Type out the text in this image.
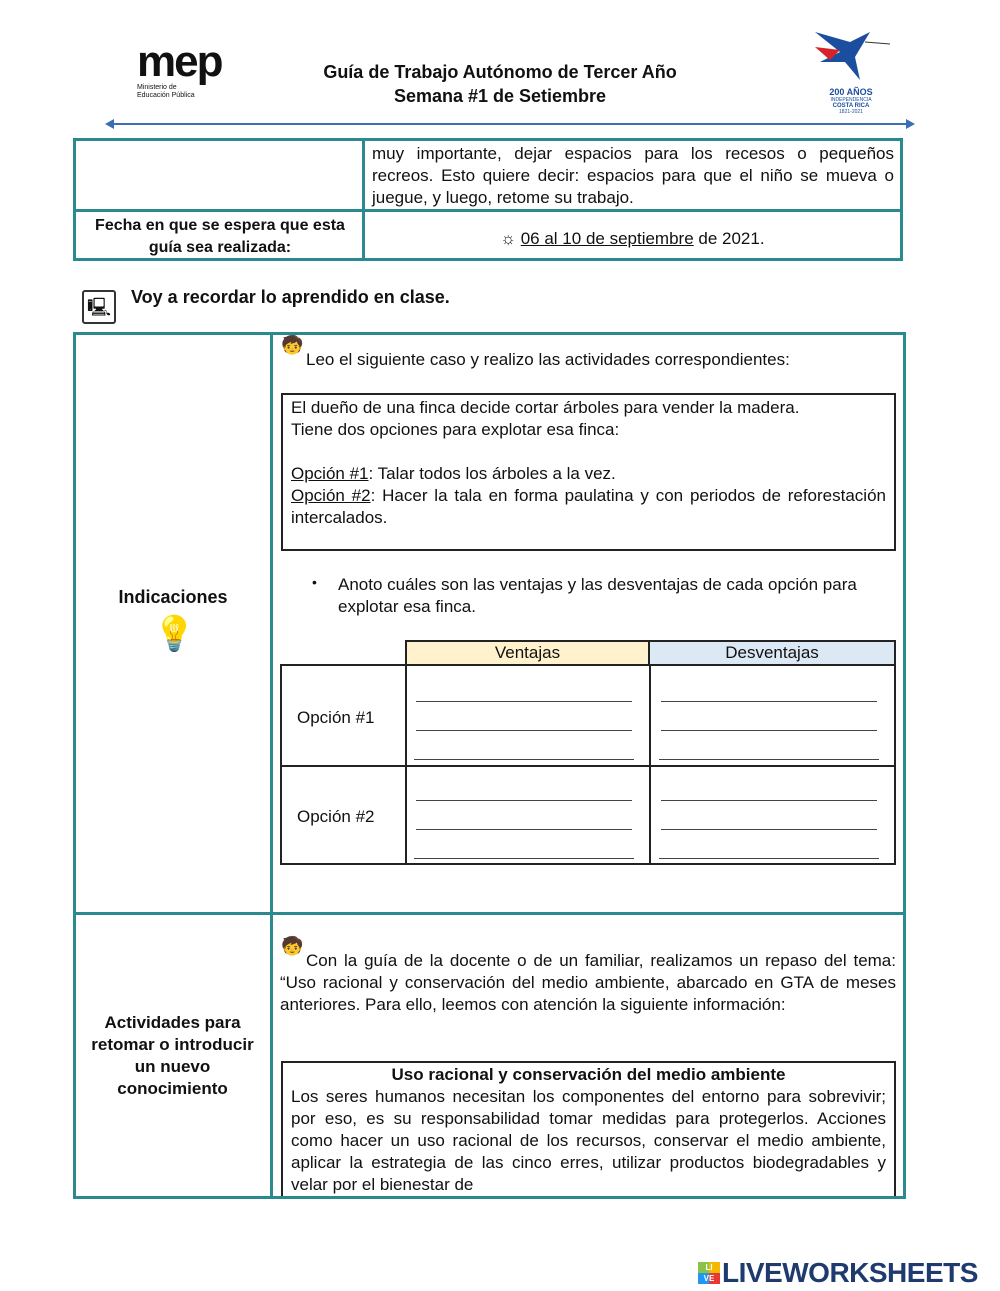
mep
Ministerio de
Educación Pública
Guía de Trabajo Autónomo de Tercer Año
Semana #1 de Setiembre	200 AÑOS
INDEPENDENCIA
COSTA RICA
1821-2021
muy importante, dejar espacios para los recesos o pequeños recreos. Esto quiere decir: espacios para que el niño se mueva o juegue, y luego, retome su trabajo.
Fecha en que se espera que esta guía sea realizada:	☼ 06 al 10 de septiembre de 2021.
🖳 Voy a recordar lo aprendido en clase.
Indicaciones
💡
🧒
Leo el siguiente caso y realizo las actividades correspondientes:
El dueño de una finca decide cortar árboles para vender la madera.
Tiene dos opciones para explotar esa finca:
Opción #1: Talar todos los árboles a la vez.
Opción #2: Hacer la tala en forma paulatina y con periodos de reforestación intercalados.
• Anoto cuáles son las ventajas y las desventajas de cada opción para explotar esa finca.
Ventajas	Desventajas
Opción #1
Opción #2
Actividades para retomar o introducir un nuevo conocimiento
🧒
Con la guía de la docente o de un familiar, realizamos un repaso del tema: “Uso racional y conservación del medio ambiente, abarcado en GTA de meses anteriores. Para ello, leemos con atención la siguiente información:
Uso racional y conservación del medio ambiente
Los seres humanos necesitan los componentes del entorno para sobrevivir; por eso, es su responsabilidad tomar medidas para protegerlos. Acciones como hacer un uso racional de los recursos, conservar el medio ambiente, aplicar la estrategia de las cinco erres, utilizar productos biodegradables y velar por el bienestar de
LI
VE LIVEWORKSHEETS
